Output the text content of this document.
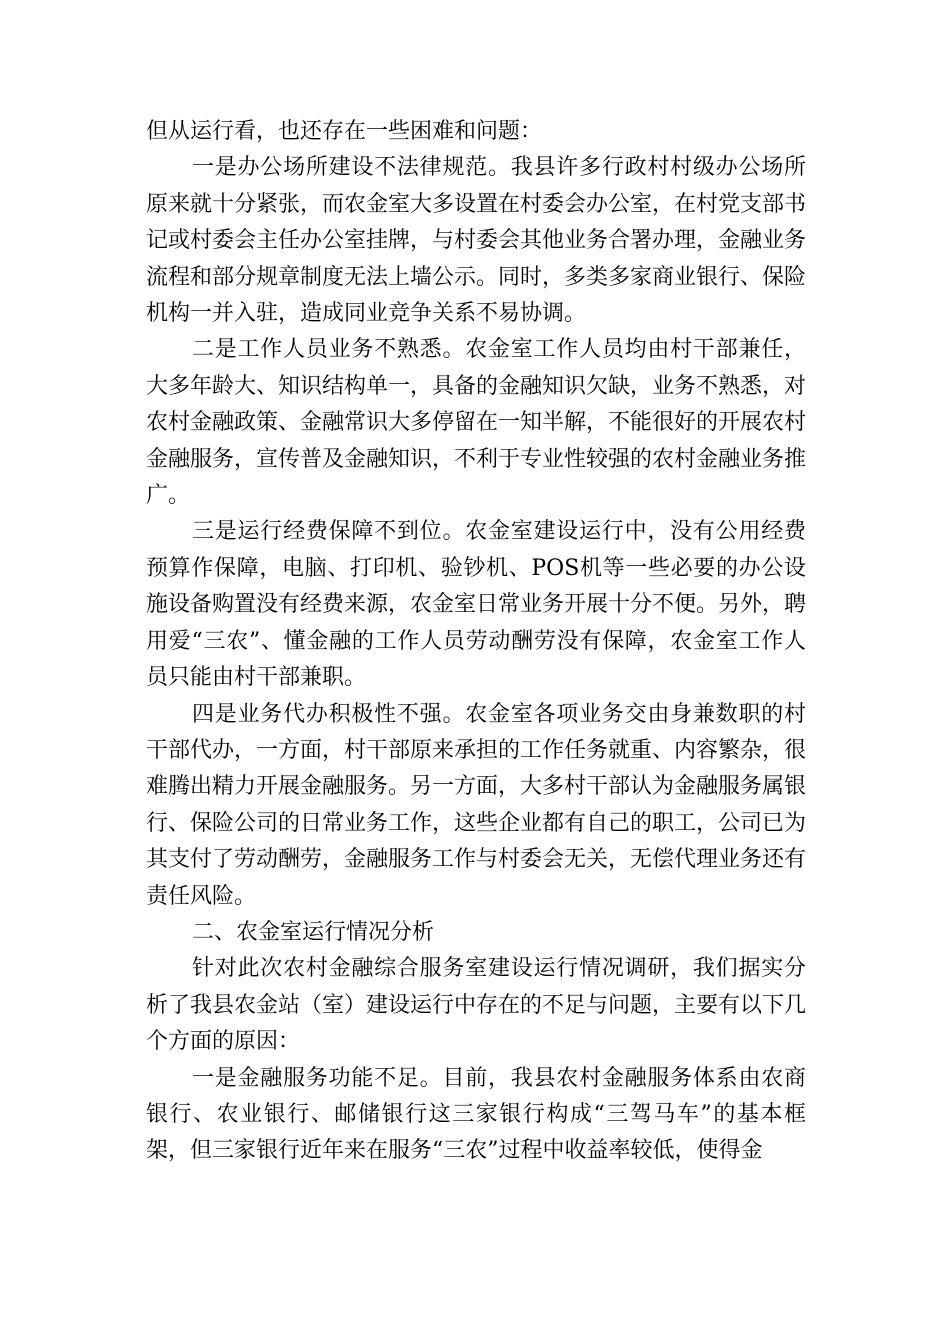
但从运行看，也还存在一些困难和问题：

一是办公场所建设不法律规范。我县许多行政村村级办公场所原来就十分紧张，而农金室大多设置在村委会办公室，在村党支部书记或村委会主任办公室挂牌，与村委会其他业务合署办理，金融业务流程和部分规章制度无法上墙公示。同时，多类多家商业银行、保险机构一并入驻，造成同业竞争关系不易协调。

二是工作人员业务不熟悉。农金室工作人员均由村干部兼任，大多年龄大、知识结构单一，具备的金融知识欠缺，业务不熟悉，对农村金融政策、金融常识大多停留在一知半解，不能很好的开展农村金融服务，宣传普及金融知识，不利于专业性较强的农村金融业务推广。

三是运行经费保障不到位。农金室建设运行中，没有公用经费预算作保障，电脑、打印机、验钞机、POS机等一些必要的办公设施设备购置没有经费来源，农金室日常业务开展十分不便。另外，聘用爱“三农”、懂金融的工作人员劳动酬劳没有保障，农金室工作人员只能由村干部兼职。

四是业务代办积极性不强。农金室各项业务交由身兼数职的村干部代办，一方面，村干部原来承担的工作任务就重、内容繁杂，很难腾出精力开展金融服务。另一方面，大多村干部认为金融服务属银行、保险公司的日常业务工作，这些企业都有自己的职工，公司已为其支付了劳动酬劳，金融服务工作与村委会无关，无偿代理业务还有责任风险。

二、农金室运行情况分析

针对此次农村金融综合服务室建设运行情况调研，我们据实分析了我县农金站（室）建设运行中存在的不足与问题，主要有以下几个方面的原因：

一是金融服务功能不足。目前，我县农村金融服务体系由农商银行、农业银行、邮储银行这三家银行构成“三驾马车”的基本框架，但三家银行近年来在服务“三农”过程中收益率较低，使得金
